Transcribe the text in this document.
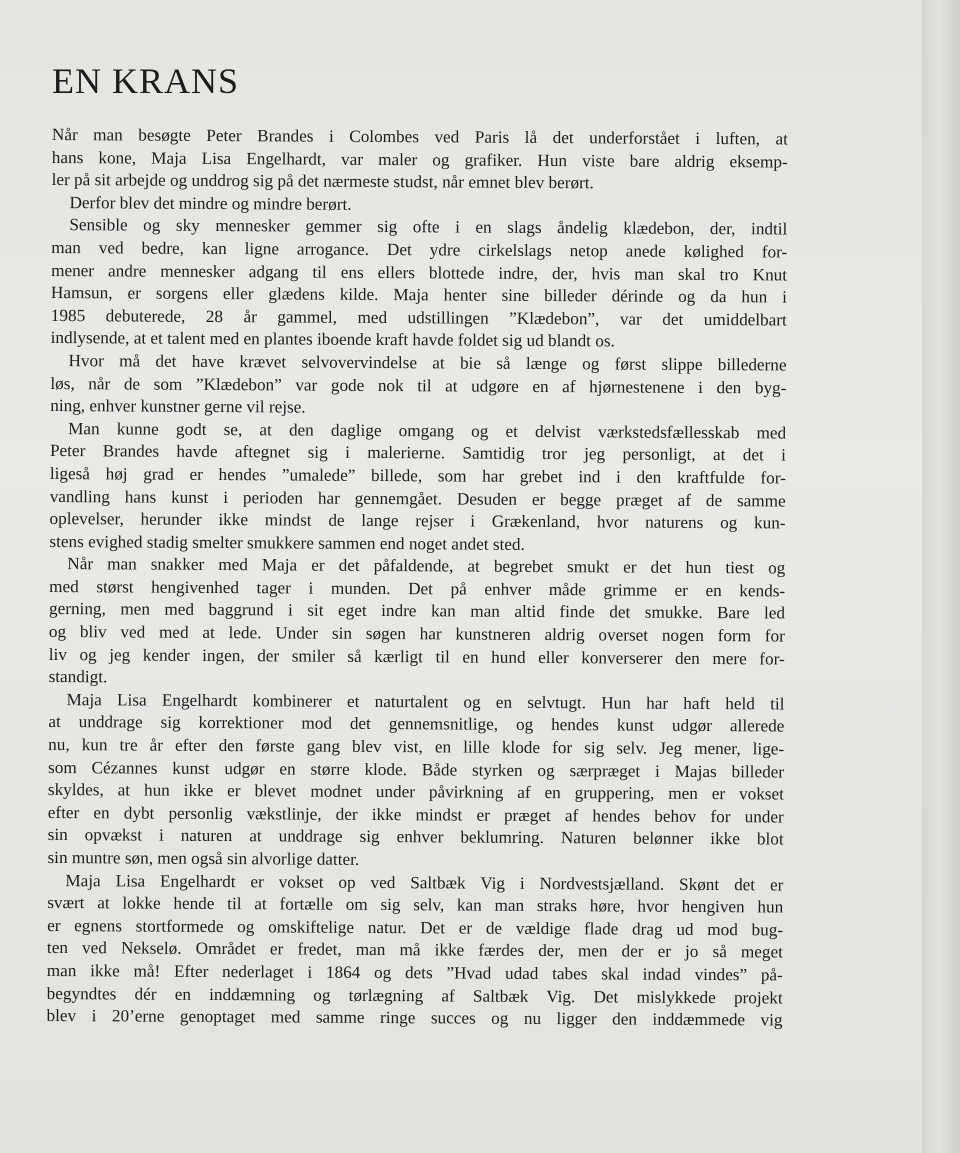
EN KRANS
Når man besøgte Peter Brandes i Colombes ved Paris lå det underforstået i luften, at
hans kone, Maja Lisa Engelhardt, var maler og grafiker. Hun viste bare aldrig eksemp-
ler på sit arbejde og unddrog sig på det nærmeste studst, når emnet blev berørt.
Derfor blev det mindre og mindre berørt.
Sensible og sky mennesker gemmer sig ofte i en slags åndelig klædebon, der, indtil
man ved bedre, kan ligne arrogance. Det ydre cirkelslags netop anede kølighed for-
mener andre mennesker adgang til ens ellers blottede indre, der, hvis man skal tro Knut
Hamsun, er sorgens eller glædens kilde. Maja henter sine billeder dérinde og da hun i
1985 debuterede, 28 år gammel, med udstillingen ”Klædebon”, var det umiddelbart
indlysende, at et talent med en plantes iboende kraft havde foldet sig ud blandt os.
Hvor må det have krævet selvovervindelse at bie så længe og først slippe billederne
løs, når de som ”Klædebon” var gode nok til at udgøre en af hjørnestenene i den byg-
ning, enhver kunstner gerne vil rejse.
Man kunne godt se, at den daglige omgang og et delvist værkstedsfællesskab med
Peter Brandes havde aftegnet sig i malerierne. Samtidig tror jeg personligt, at det i
ligeså høj grad er hendes ”umalede” billede, som har grebet ind i den kraftfulde for-
vandling hans kunst i perioden har gennemgået. Desuden er begge præget af de samme
oplevelser, herunder ikke mindst de lange rejser i Grækenland, hvor naturens og kun-
stens evighed stadig smelter smukkere sammen end noget andet sted.
Når man snakker med Maja er det påfaldende, at begrebet smukt er det hun tiest og
med størst hengivenhed tager i munden. Det på enhver måde grimme er en kends-
gerning, men med baggrund i sit eget indre kan man altid finde det smukke. Bare led
og bliv ved med at lede. Under sin søgen har kunstneren aldrig overset nogen form for
liv og jeg kender ingen, der smiler så kærligt til en hund eller konverserer den mere for-
standigt.
Maja Lisa Engelhardt kombinerer et naturtalent og en selvtugt. Hun har haft held til
at unddrage sig korrektioner mod det gennemsnitlige, og hendes kunst udgør allerede
nu, kun tre år efter den første gang blev vist, en lille klode for sig selv. Jeg mener, lige-
som Cézannes kunst udgør en større klode. Både styrken og særpræget i Majas billeder
skyldes, at hun ikke er blevet modnet under påvirkning af en gruppering, men er vokset
efter en dybt personlig vækstlinje, der ikke mindst er præget af hendes behov for under
sin opvækst i naturen at unddrage sig enhver beklumring. Naturen belønner ikke blot
sin muntre søn, men også sin alvorlige datter.
Maja Lisa Engelhardt er vokset op ved Saltbæk Vig i Nordvestsjælland. Skønt det er
svært at lokke hende til at fortælle om sig selv, kan man straks høre, hvor hengiven hun
er egnens stortformede og omskiftelige natur. Det er de vældige flade drag ud mod bug-
ten ved Nekselø. Området er fredet, man må ikke færdes der, men der er jo så meget
man ikke må! Efter nederlaget i 1864 og dets ”Hvad udad tabes skal indad vindes” på-
begyndtes dér en inddæmning og tørlægning af Saltbæk Vig. Det mislykkede projekt
blev i 20’erne genoptaget med samme ringe succes og nu ligger den inddæmmede vig
